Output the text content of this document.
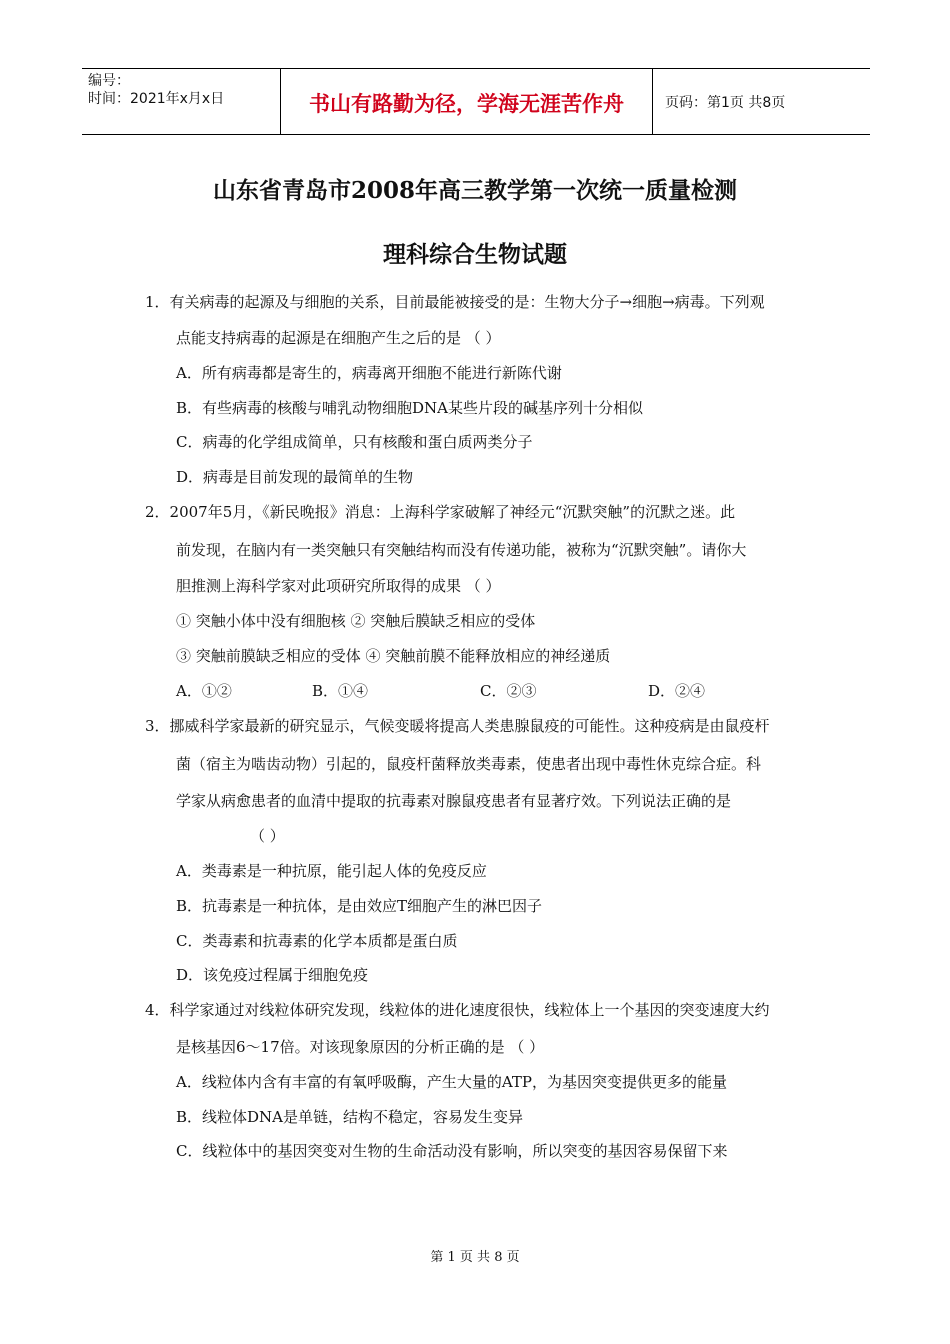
编号：
时间：2021年x月x日	书山有路勤为径，学海无涯苦作舟	页码：第1页 共8页
山东省青岛市2008年高三教学第一次统一质量检测
理科综合生物试题
1．有关病毒的起源及与细胞的关系，目前最能被接受的是：生物大分子→细胞→病毒。下列观
点能支持病毒的起源是在细胞产生之后的是 （ ）
A．所有病毒都是寄生的，病毒离开细胞不能进行新陈代谢
B．有些病毒的核酸与哺乳动物细胞DNA某些片段的碱基序列十分相似
C．病毒的化学组成简单，只有核酸和蛋白质两类分子
D．病毒是目前发现的最简单的生物
2．2007年5月，《新民晚报》消息：上海科学家破解了神经元“沉默突触”的沉默之迷。此
前发现，在脑内有一类突触只有突触结构而没有传递功能，被称为“沉默突触”。请你大
胆推测上海科学家对此项研究所取得的成果 （ ）
① 突触小体中没有细胞核 ② 突触后膜缺乏相应的受体
③ 突触前膜缺乏相应的受体 ④ 突触前膜不能释放相应的神经递质
A．①②	B．①④	C．②③	D．②④
3．挪威科学家最新的研究显示，气候变暖将提高人类患腺鼠疫的可能性。这种疫病是由鼠疫杆
菌（宿主为啮齿动物）引起的，鼠疫杆菌释放类毒素，使患者出现中毒性休克综合症。科
学家从病愈患者的血清中提取的抗毒素对腺鼠疫患者有显著疗效。下列说法正确的是
（ ）
A．类毒素是一种抗原，能引起人体的免疫反应
B．抗毒素是一种抗体，是由效应T细胞产生的淋巴因子
C．类毒素和抗毒素的化学本质都是蛋白质
D．该免疫过程属于细胞免疫
4．科学家通过对线粒体研究发现，线粒体的进化速度很快，线粒体上一个基因的突变速度大约
是核基因6～17倍。对该现象原因的分析正确的是 （ ）
A．线粒体内含有丰富的有氧呼吸酶，产生大量的ATP，为基因突变提供更多的能量
B．线粒体DNA是单链，结构不稳定，容易发生变异
C．线粒体中的基因突变对生物的生命活动没有影响，所以突变的基因容易保留下来
第 1 页 共 8 页
